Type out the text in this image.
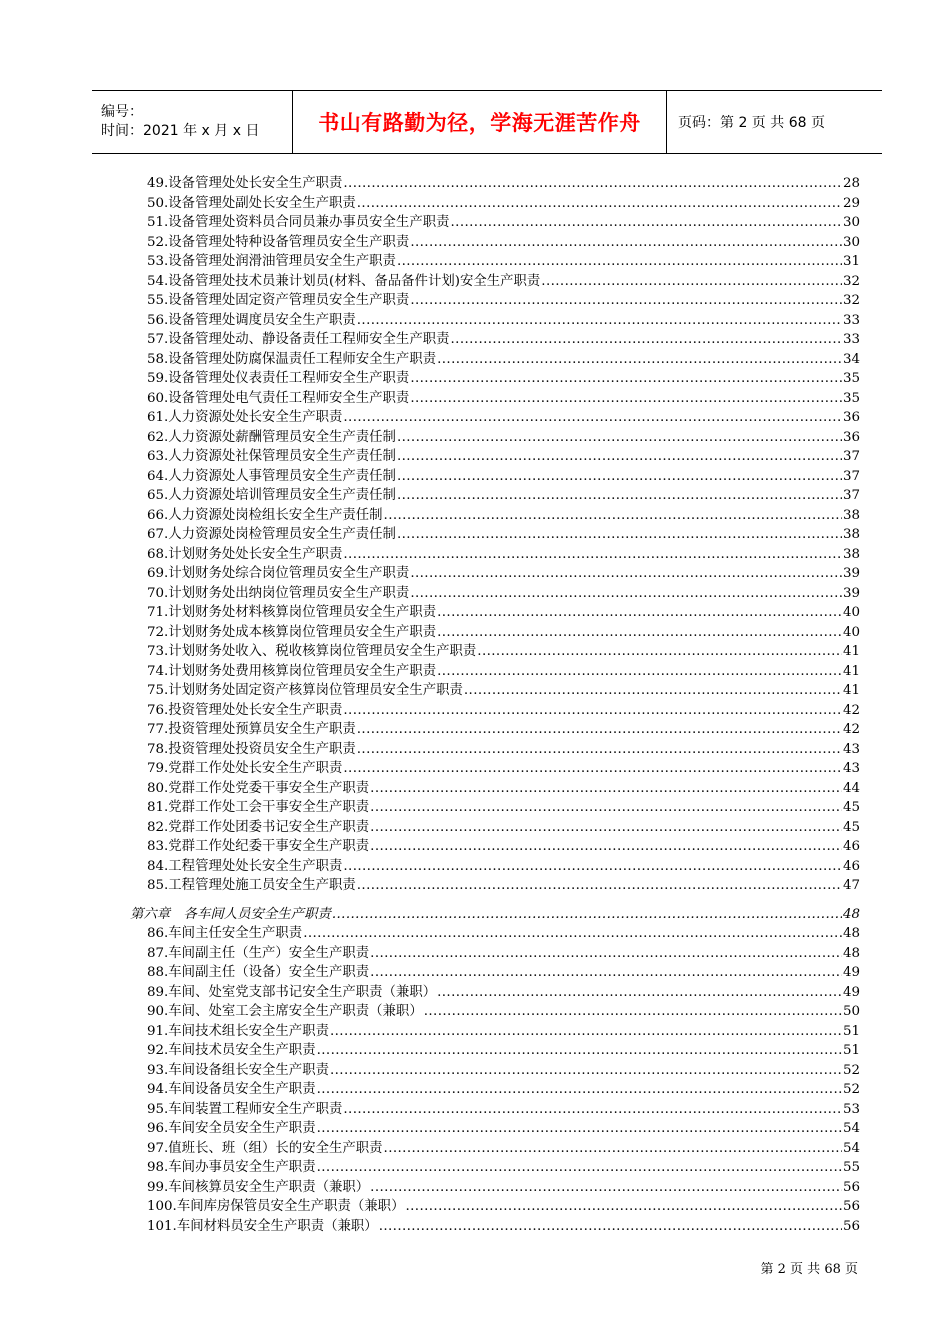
编号：
时间：2021 年 x 月 x 日	书山有路勤为径，学海无涯苦作舟	页码：第 2 页 共 68 页
49.设备管理处处长安全生产职责 .....	28
50.设备管理处副处长安全生产职责 .....	29
51.设备管理处资料员合同员兼办事员安全生产职责 .....	30
52.设备管理处特种设备管理员安全生产职责 .....	30
53.设备管理处润滑油管理员安全生产职责 .....	31
54.设备管理处技术员兼计划员(材料、备品备件计划)安全生产职责 .....	32
55.设备管理处固定资产管理员安全生产职责 .....	32
56.设备管理处调度员安全生产职责 .....	33
57.设备管理处动、静设备责任工程师安全生产职责 .....	33
58.设备管理处防腐保温责任工程师安全生产职责 .....	34
59.设备管理处仪表责任工程师安全生产职责 .....	35
60.设备管理处电气责任工程师安全生产职责 .....	35
61.人力资源处处长安全生产职责 .....	36
62.人力资源处薪酬管理员安全生产责任制 .....	36
63.人力资源处社保管理员安全生产责任制 .....	37
64.人力资源处人事管理员安全生产责任制 .....	37
65.人力资源处培训管理员安全生产责任制 .....	37
66.人力资源处岗检组长安全生产责任制 .....	38
67.人力资源处岗检管理员安全生产责任制 .....	38
68.计划财务处处长安全生产职责 .....	38
69.计划财务处综合岗位管理员安全生产职责 .....	39
70.计划财务处出纳岗位管理员安全生产职责 .....	39
71.计划财务处材料核算岗位管理员安全生产职责 .....	40
72.计划财务处成本核算岗位管理员安全生产职责 .....	40
73.计划财务处收入、税收核算岗位管理员安全生产职责 .....	41
74.计划财务处费用核算岗位管理员安全生产职责 .....	41
75.计划财务处固定资产核算岗位管理员安全生产职责 .....	41
76.投资管理处处长安全生产职责 .....	42
77.投资管理处预算员安全生产职责 .....	42
78.投资管理处投资员安全生产职责 .....	43
79.党群工作处处长安全生产职责 .....	43
80.党群工作处党委干事安全生产职责 .....	44
81.党群工作处工会干事安全生产职责 .....	45
82.党群工作处团委书记安全生产职责 .....	45
83.党群工作处纪委干事安全生产职责 .....	46
84.工程管理处处长安全生产职责 .....	46
85.工程管理处施工员安全生产职责 .....	47
第六章　各车间人员安全生产职责 .....	48
86.车间主任安全生产职责 .....	48
87.车间副主任（生产）安全生产职责 .....	48
88.车间副主任（设备）安全生产职责 .....	49
89.车间、处室党支部书记安全生产职责（兼职） .....	49
90.车间、处室工会主席安全生产职责（兼职） .....	50
91.车间技术组长安全生产职责 .....	51
92.车间技术员安全生产职责 .....	51
93.车间设备组长安全生产职责 .....	52
94.车间设备员安全生产职责 .....	52
95.车间装置工程师安全生产职责 .....	53
96.车间安全员安全生产职责 .....	54
97.值班长、班（组）长的安全生产职责 .....	54
98.车间办事员安全生产职责 .....	55
99.车间核算员安全生产职责（兼职） .....	56
100.车间库房保管员安全生产职责（兼职） .....	56
101.车间材料员安全生产职责（兼职） .....	56
第 2 页 共 68 页
